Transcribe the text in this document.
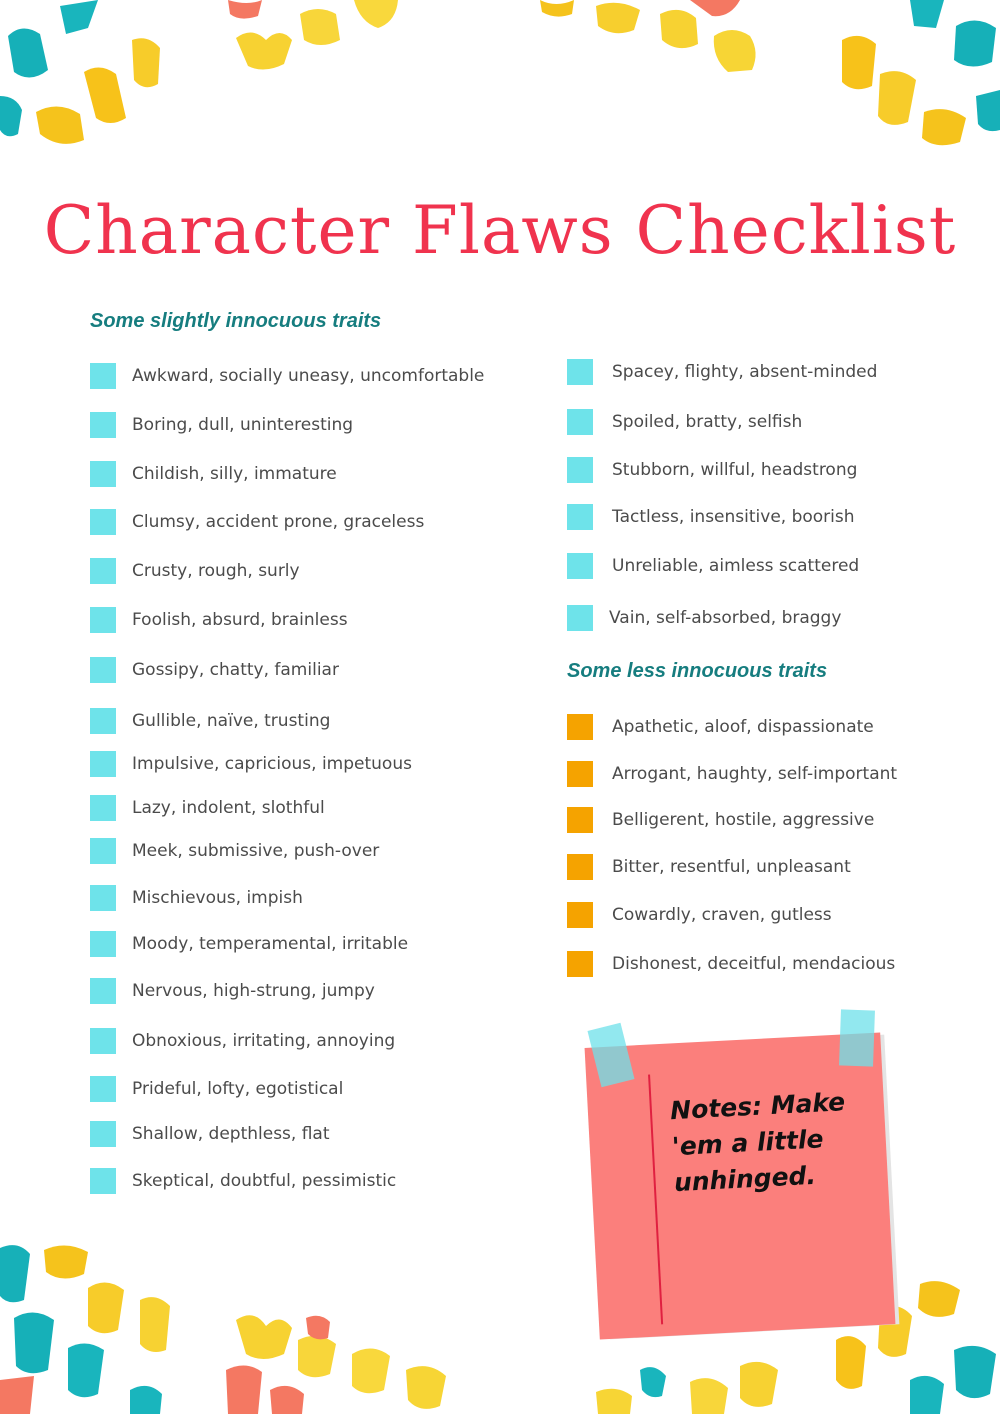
Character Flaws Checklist
Some slightly innocuous traits
Awkward, socially uneasy, uncomfortable
Boring, dull, uninteresting
Childish, silly, immature
Clumsy, accident prone, graceless
Crusty, rough, surly
Foolish, absurd, brainless
Gossipy, chatty, familiar
Gullible, naïve, trusting
Impulsive, capricious, impetuous
Lazy, indolent, slothful
Meek, submissive, push-over
Mischievous, impish
Moody, temperamental, irritable
Nervous, high-strung, jumpy
Obnoxious, irritating, annoying
Prideful, lofty, egotistical
Shallow, depthless, flat
Skeptical, doubtful, pessimistic
Spacey, flighty, absent-minded
Spoiled, bratty, selfish
Stubborn, willful, headstrong
Tactless, insensitive, boorish
Unreliable, aimless scattered
Vain, self-absorbed, braggy
Some less innocuous traits
Apathetic, aloof, dispassionate
Arrogant, haughty, self-important
Belligerent, hostile, aggressive
Bitter, resentful, unpleasant
Cowardly, craven, gutless
Dishonest, deceitful, mendacious

Notes: Make 'em a little unhinged.
